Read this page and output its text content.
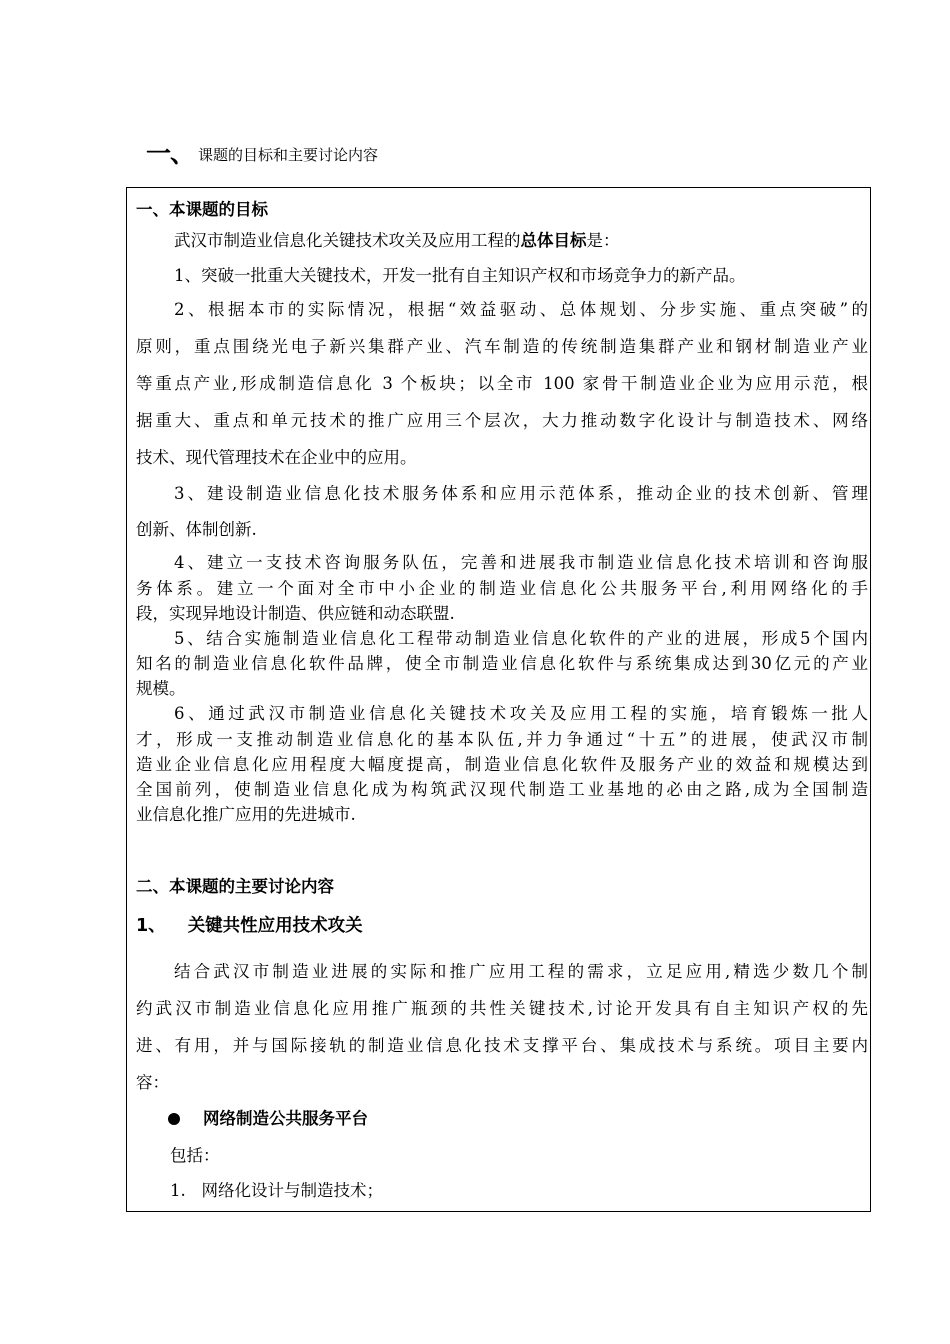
一、 课题的目标和主要讨论内容
一、本课题的目标
武汉市制造业信息化关键技术攻关及应用工程的总体目标是：
1、突破一批重大关键技术，开发一批有自主知识产权和市场竞争力的新产品。
2、根据本市的实际情况，根据“效益驱动、总体规划、分步实施、重点突破”的
原则，重点围绕光电子新兴集群产业、汽车制造的传统制造集群产业和钢材制造业产业
等重点产业,形成制造信息化 3 个板块；以全市 100 家骨干制造业企业为应用示范，根
据重大、重点和单元技术的推广应用三个层次，大力推动数字化设计与制造技术、网络
技术、现代管理技术在企业中的应用。
3、建设制造业信息化技术服务体系和应用示范体系，推动企业的技术创新、管理
创新、体制创新.
4、建立一支技术咨询服务队伍，完善和进展我市制造业信息化技术培训和咨询服
务体系。建立一个面对全市中小企业的制造业信息化公共服务平台,利用网络化的手
段，实现异地设计制造、供应链和动态联盟.
5、结合实施制造业信息化工程带动制造业信息化软件的产业的进展，形成5个国内
知名的制造业信息化软件品牌，使全市制造业信息化软件与系统集成达到30亿元的产业
规模。
6、通过武汉市制造业信息化关键技术攻关及应用工程的实施，培育锻炼一批人
才，形成一支推动制造业信息化的基本队伍,并力争通过“十五”的进展，使武汉市制
造业企业信息化应用程度大幅度提高，制造业信息化软件及服务产业的效益和规模达到
全国前列，使制造业信息化成为构筑武汉现代制造工业基地的必由之路,成为全国制造
业信息化推广应用的先进城市.
二、本课题的主要讨论内容
1、 关键共性应用技术攻关
结合武汉市制造业进展的实际和推广应用工程的需求，立足应用,精选少数几个制
约武汉市制造业信息化应用推广瓶颈的共性关键技术,讨论开发具有自主知识产权的先
进、有用，并与国际接轨的制造业信息化技术支撑平台、集成技术与系统。项目主要内
容：
网络制造公共服务平台
包括：
1.   网络化设计与制造技术；
